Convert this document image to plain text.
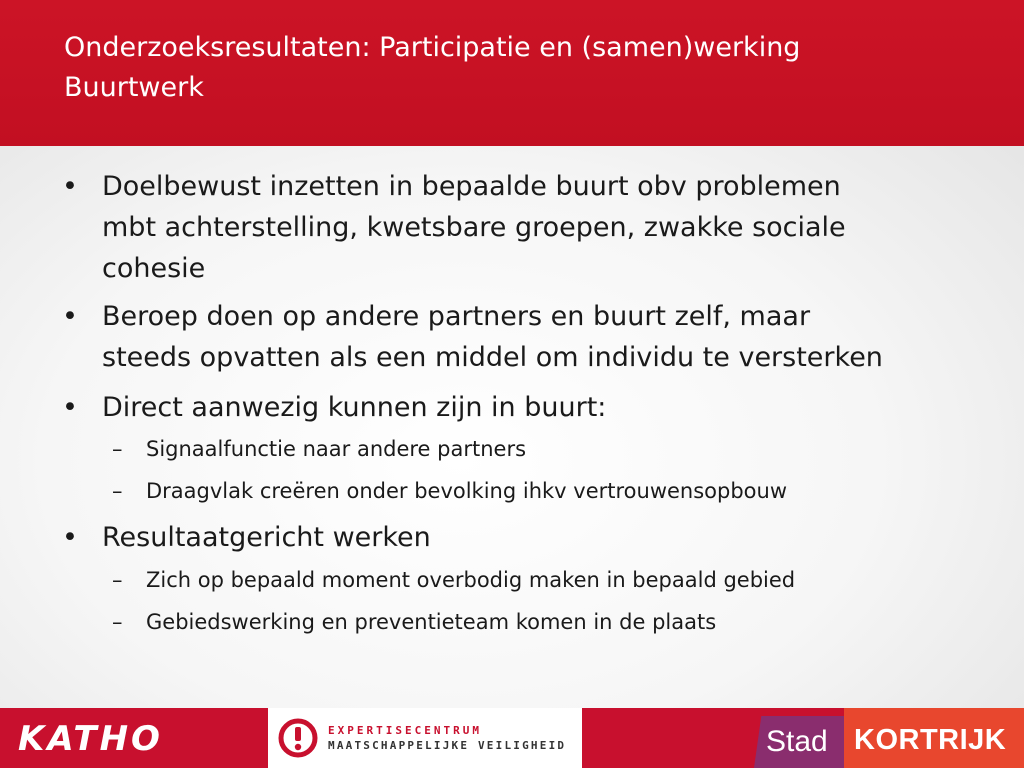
Onderzoeksresultaten: Participatie en (samen)werking
Buurtwerk
• Doelbewust inzetten in bepaalde buurt obv problemen
mbt achterstelling, kwetsbare groepen, zwakke sociale
cohesie
• Beroep doen op andere partners en buurt zelf, maar
steeds opvatten als een middel om individu te versterken
• Direct aanwezig kunnen zijn in buurt:
–	Signaalfunctie naar andere partners
–	Draagvlak creëren onder bevolking ihkv vertrouwensopbouw
• Resultaatgericht werken
–	Zich op bepaald moment overbodig maken in bepaald gebied
–	Gebiedswerking en preventieteam komen in de plaats
KATHO	EXPERTISECENTRUM
MAATSCHAPPELIJKE VEILIGHEID	Stad KORTRIJK
